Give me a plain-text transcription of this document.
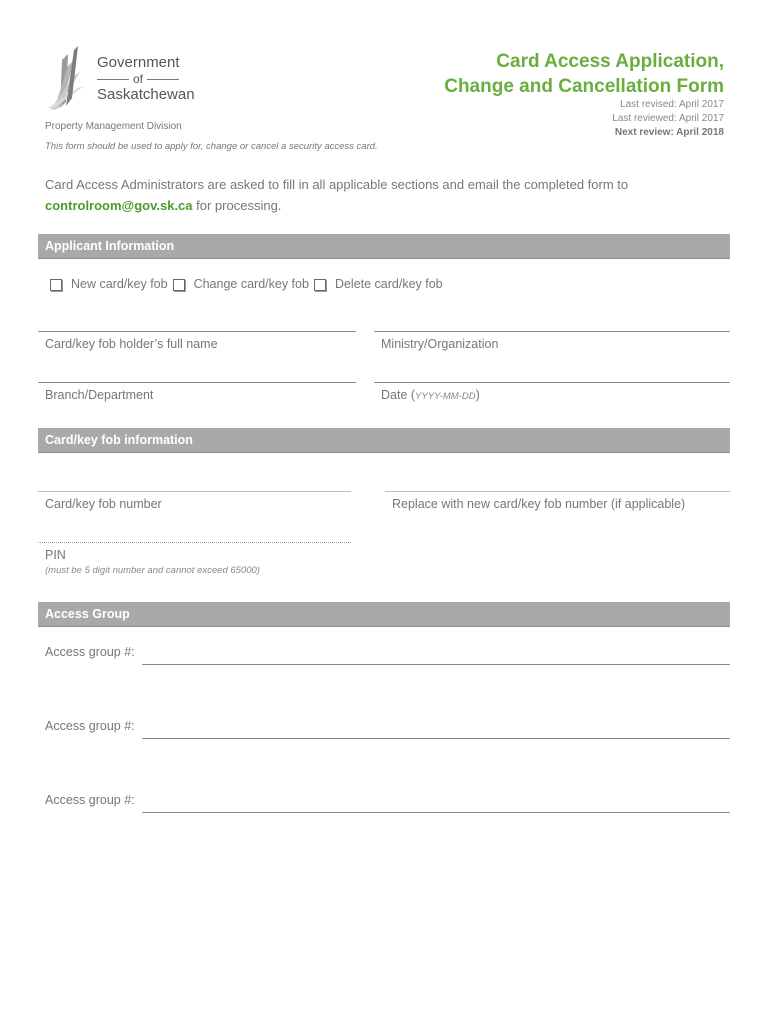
Government
of
Saskatchewan
Card Access Application,
Change and Cancellation Form
Last revised: April 2017
Last reviewed: April 2017
Next review: April 2018
Property Management Division
This form should be used to apply for, change or cancel a security access card.
Card Access Administrators are asked to fill in all applicable sections and email the completed form to
controlroom@gov.sk.ca for processing.
Applicant Information
New card/key fob Change card/key fob Delete card/key fob
Card/key fob holder’s full name	Ministry/Organization
Branch/Department	Date (YYYY-MM-DD)
Card/key fob information
Card/key fob number	Replace with new card/key fob number (if applicable)
PIN
(must be 5 digit number and cannot exceed 65000)
Access Group
Access group #:
Access group #:
Access group #:
